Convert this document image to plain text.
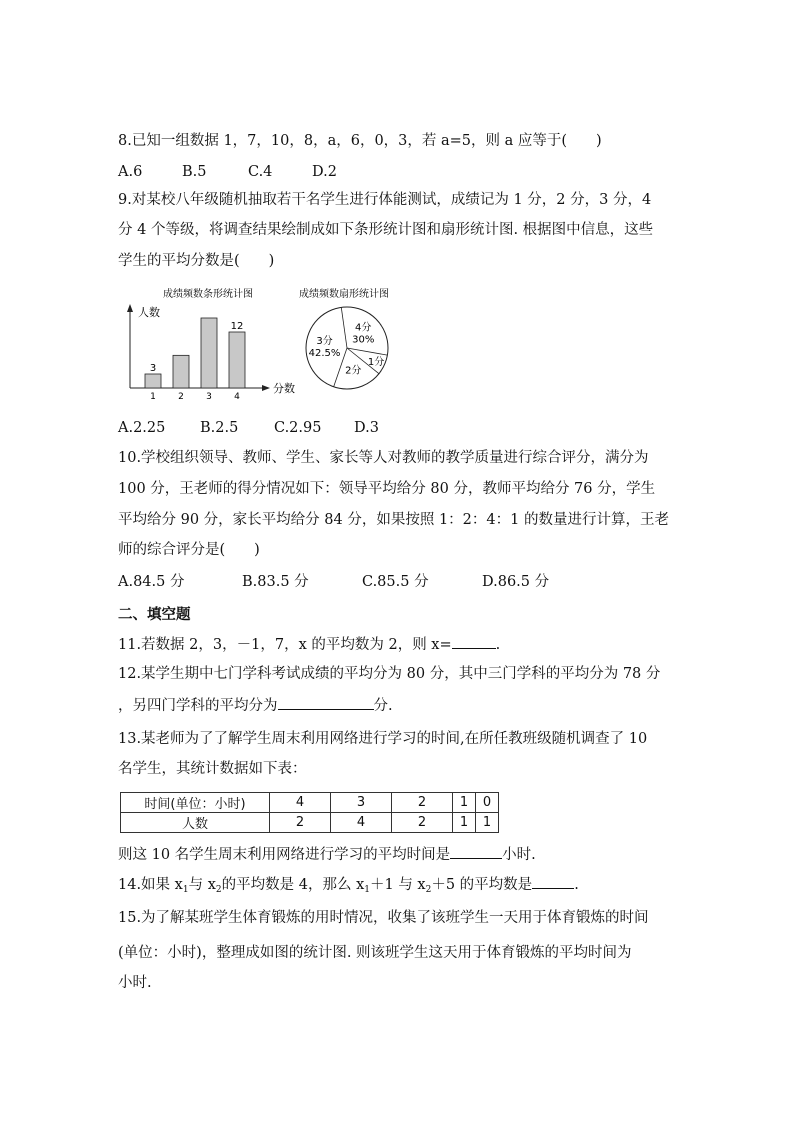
8.已知一组数据 1，7，10，8，a，6，0，3，若 a=5，则 a 应等于(　　)
A.6	B.5	C.4	D.2
9.对某校八年级随机抽取若干名学生进行体能测试，成绩记为 1 分，2 分，3 分，4
分 4 个等级，将调查结果绘制成如下条形统计图和扇形统计图. 根据图中信息，这些
学生的平均分数是(　　)
成绩频数条形统计图
人数
分数
1
3
2 3 4
12
成绩频数扇形统计图
4分
30%
1分
2分
3分
42.5%
A.2.25 B.2.5 C.2.95 D.3
10.学校组织领导、教师、学生、家长等人对教师的教学质量进行综合评分，满分为
100 分，王老师的得分情况如下：领导平均给分 80 分，教师平均给分 76 分，学生
平均给分 90 分，家长平均给分 84 分，如果按照 1：2：4：1 的数量进行计算，王老
师的综合评分是(　　)
A.84.5 分	B.83.5 分	C.85.5 分	D.86.5 分
二、填空题
11.若数据 2，3，－1，7，x 的平均数为 2，则 x=	.
12.某学生期中七门学科考试成绩的平均分为 80 分，其中三门学科的平均分为 78 分
，另四门学科的平均分为	分.
13.某老师为了了解学生周末利用网络进行学习的时间,在所任教班级随机调查了 10
名学生，其统计数据如下表：
时间(单位：小时)	4	3	2	1	0
人数	2	4	2	1	1
则这 10 名学生周末利用网络进行学习的平均时间是	小时.
14.如果 $x_1$与 $x_2$的平均数是 4，那么 $x_1+1$ 与 $x_2+5$ 的平均数是	.
15.为了解某班学生体育锻炼的用时情况，收集了该班学生一天用于体育锻炼的时间
(单位：小时)，整理成如图的统计图. 则该班学生这天用于体育锻炼的平均时间为
小时.
